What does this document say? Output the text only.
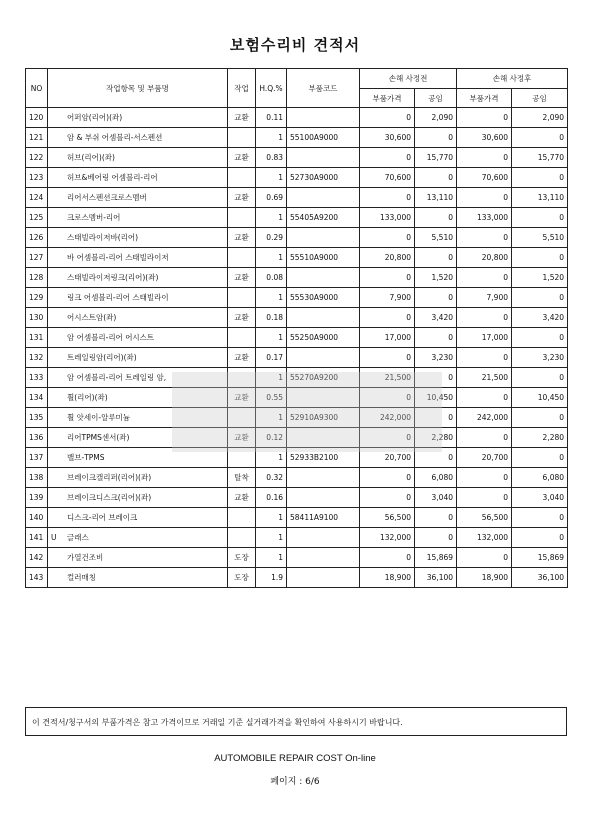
보험수리비 견적서
NO	작업항목 및 부품명	작업	H.Q.%	부품코드	손해 사정전		손해 사정후	
					부품가격	공임	부품가격	공임
120	어퍼암(리어)(좌)	교환	0.11		0	2,090	0	2,090
121	암 & 부쉬 어셈블리-서스펜션		1	55100A9000	30,600	0	30,600	0
122	허브(리어)(좌)	교환	0.83		0	15,770	0	15,770
123	허브&베어링 어셈블리-리어		1	52730A9000	70,600	0	70,600	0
124	리어서스펜션크로스멤버	교환	0.69		0	13,110	0	13,110
125	크로스멤버-리어		1	55405A9200	133,000	0	133,000	0
126	스태빌라이저바(리어)	교환	0.29		0	5,510	0	5,510
127	바 어셈블리-리어 스태빌라이저		1	55510A9000	20,800	0	20,800	0
128	스태빌라이저링크(리어)(좌)	교환	0.08		0	1,520	0	1,520
129	링크 어셈블리-리어 스태빌라이		1	55530A9000	7,900	0	7,900	0
130	어시스트암(좌)	교환	0.18		0	3,420	0	3,420
131	암 어셈블리-리어 어시스트		1	55250A9000	17,000	0	17,000	0
132	트레일링암(리어)(좌)	교환	0.17		0	3,230	0	3,230
133	암 어셈블리-리어 트레일링 암,		1	55270A9200	21,500	0	21,500	0
134	휠(리어)(좌)	교환	0.55		0	10,450	0	10,450
135	휠 앗세이-알루미늄		1	52910A9300	242,000	0	242,000	0
136	리어TPMS센서(좌)	교환	0.12		0	2,280	0	2,280
137	밸브-TPMS		1	52933B2100	20,700	0	20,700	0
138	브레이크캘리퍼(리어)(좌)	탈착	0.32		0	6,080	0	6,080
139	브레이크디스크(리어)(좌)	교환	0.16		0	3,040	0	3,040
140	디스크-리어 브레이크		1	58411A9100	56,500	0	56,500	0
141	U 글래스		1		132,000	0	132,000	0
142	가열건조비	도장	1		0	15,869	0	15,869
143	컬러매칭	도장	1.9		18,900	36,100	18,900	36,100
이 견적서/청구서의 부품가격은 참고 가격이므로 거래일 기준 실거래가격을 확인하여 사용하시기 바랍니다.
AUTOMOBILE REPAIR COST On-line
페이지 : 6/6
